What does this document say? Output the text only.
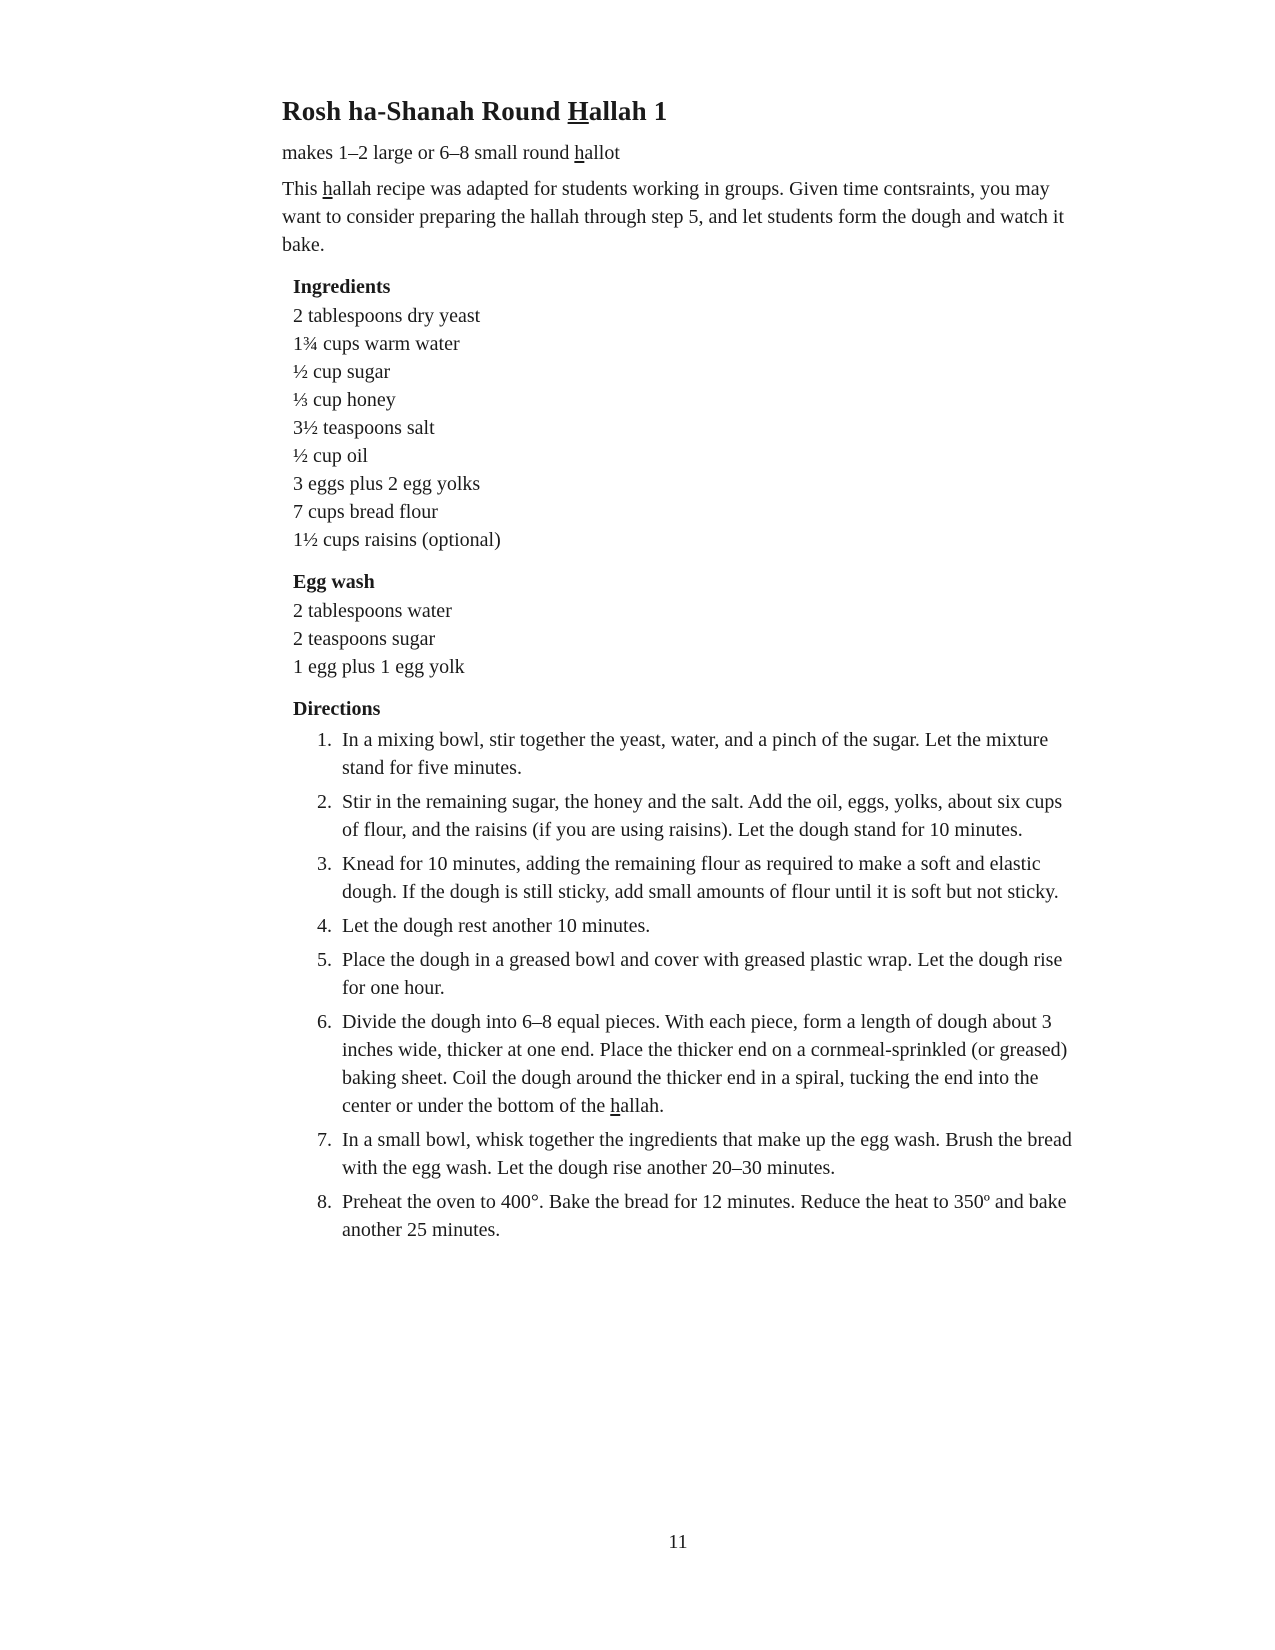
Rosh ha-Shanah Round Hallah 1

makes 1–2 large or 6–8 small round hallot

This hallah recipe was adapted for students working in groups. Given time contsraints, you may want to consider preparing the hallah through step 5, and let students form the dough and watch it bake.

Ingredients
2 tablespoons dry yeast
1¾ cups warm water
½ cup sugar
⅓ cup honey
3½ teaspoons salt
½ cup oil
3 eggs plus 2 egg yolks
7 cups bread flour
1½ cups raisins (optional)
Egg wash
2 tablespoons water
2 teaspoons sugar
1 egg plus 1 egg yolk
Directions
1. In a mixing bowl, stir together the yeast, water, and a pinch of the sugar. Let the mixture stand for five minutes.
2. Stir in the remaining sugar, the honey and the salt. Add the oil, eggs, yolks, about six cups of flour, and the raisins (if you are using raisins). Let the dough stand for 10 minutes.
3. Knead for 10 minutes, adding the remaining flour as required to make a soft and elastic dough. If the dough is still sticky, add small amounts of flour until it is soft but not sticky.
4. Let the dough rest another 10 minutes.
5. Place the dough in a greased bowl and cover with greased plastic wrap. Let the dough rise for one hour.
6. Divide the dough into 6–8 equal pieces. With each piece, form a length of dough about 3 inches wide, thicker at one end. Place the thicker end on a cornmeal-sprinkled (or greased) baking sheet. Coil the dough around the thicker end in a spiral, tucking the end into the center or under the bottom of the hallah.
7. In a small bowl, whisk together the ingredients that make up the egg wash. Brush the bread with the egg wash. Let the dough rise another 20–30 minutes.
8. Preheat the oven to 400°. Bake the bread for 12 minutes. Reduce the heat to 350º and bake another 25 minutes.
11
